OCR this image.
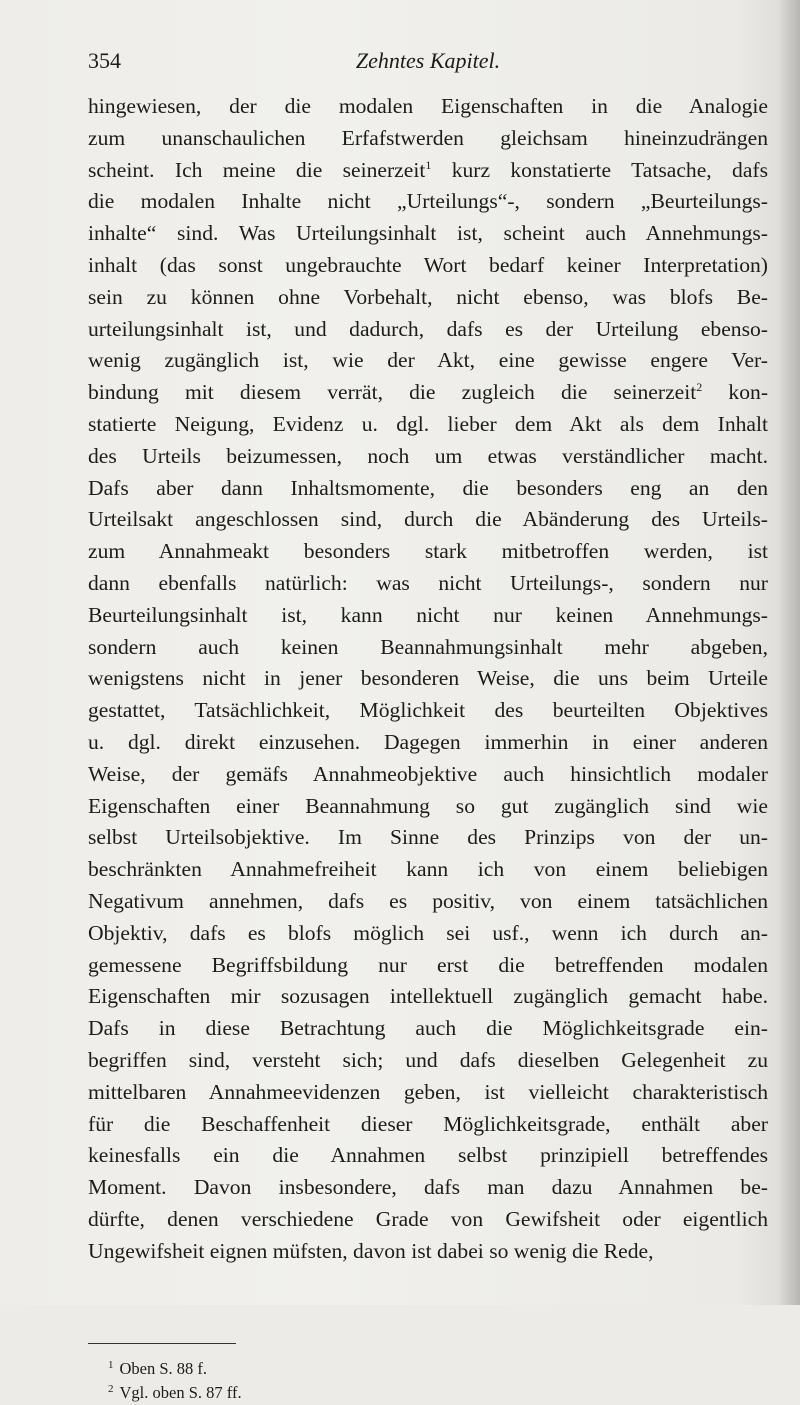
354	Zehntes Kapitel.
hingewiesen, der die modalen Eigenschaften in die Analogie
zum unanschaulichen Erfafstwerden gleichsam hineinzudrängen
scheint. Ich meine die seinerzeit$^1$ kurz konstatierte Tatsache, dafs
die modalen Inhalte nicht „Urteilungs“-, sondern „Beurteilungs-
inhalte“ sind. Was Urteilungsinhalt ist, scheint auch Annehmungs-
inhalt (das sonst ungebrauchte Wort bedarf keiner Interpretation)
sein zu können ohne Vorbehalt, nicht ebenso, was blofs Be-
urteilungsinhalt ist, und dadurch, dafs es der Urteilung ebenso-
wenig zugänglich ist, wie der Akt, eine gewisse engere Ver-
bindung mit diesem verrät, die zugleich die seinerzeit$^2$ kon-
statierte Neigung, Evidenz u. dgl. lieber dem Akt als dem Inhalt
des Urteils beizumessen, noch um etwas verständlicher macht.
Dafs aber dann Inhaltsmomente, die besonders eng an den
Urteilsakt angeschlossen sind, durch die Abänderung des Urteils-
zum Annahmeakt besonders stark mitbetroffen werden, ist
dann ebenfalls natürlich: was nicht Urteilungs-, sondern nur
Beurteilungsinhalt ist, kann nicht nur keinen Annehmungs-
sondern auch keinen Beannahmungsinhalt mehr abgeben,
wenigstens nicht in jener besonderen Weise, die uns beim Urteile
gestattet, Tatsächlichkeit, Möglichkeit des beurteilten Objektives
u. dgl. direkt einzusehen. Dagegen immerhin in einer anderen
Weise, der gemäfs Annahmeobjektive auch hinsichtlich modaler
Eigenschaften einer Beannahmung so gut zugänglich sind wie
selbst Urteilsobjektive. Im Sinne des Prinzips von der un-
beschränkten Annahmefreiheit kann ich von einem beliebigen
Negativum annehmen, dafs es positiv, von einem tatsächlichen
Objektiv, dafs es blofs möglich sei usf., wenn ich durch an-
gemessene Begriffsbildung nur erst die betreffenden modalen
Eigenschaften mir sozusagen intellektuell zugänglich gemacht habe.
Dafs in diese Betrachtung auch die Möglichkeitsgrade ein-
begriffen sind, versteht sich; und dafs dieselben Gelegenheit zu
mittelbaren Annahmeevidenzen geben, ist vielleicht charakteristisch
für die Beschaffenheit dieser Möglichkeitsgrade, enthält aber
keinesfalls ein die Annahmen selbst prinzipiell betreffendes
Moment. Davon insbesondere, dafs man dazu Annahmen be-
dürfte, denen verschiedene Grade von Gewifsheit oder eigentlich
Ungewifsheit eignen müfsten, davon ist dabei so wenig die Rede,
$^1$ Oben S. 88 f.
$^2$ Vgl. oben S. 87 ff.
